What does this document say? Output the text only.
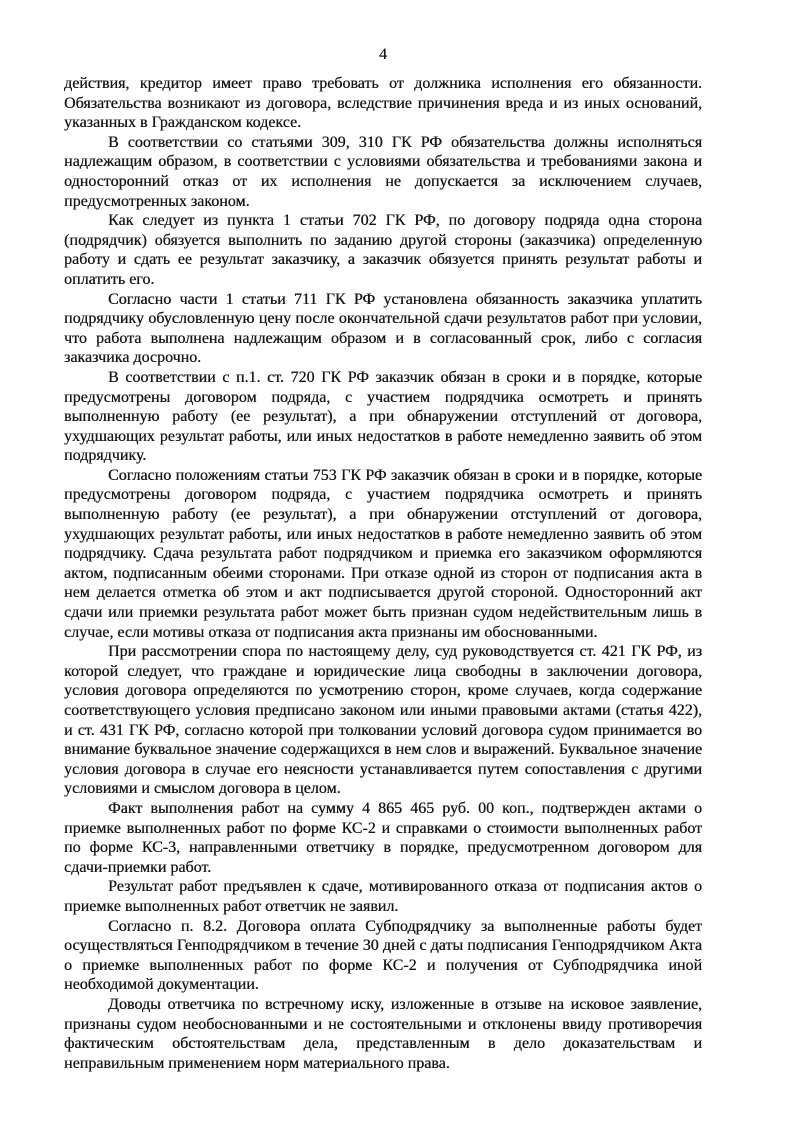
4

действия, кредитор имеет право требовать от должника исполнения его обязанности. Обязательства возникают из договора, вследствие причинения вреда и из иных оснований, указанных в Гражданском кодексе.

В соответствии со статьями 309, 310 ГК РФ обязательства должны исполняться надлежащим образом, в соответствии с условиями обязательства и требованиями закона и односторонний отказ от их исполнения не допускается за исключением случаев, предусмотренных законом.

Как следует из пункта 1 статьи 702 ГК РФ, по договору подряда одна сторона (подрядчик) обязуется выполнить по заданию другой стороны (заказчика) определенную работу и сдать ее результат заказчику, а заказчик обязуется принять результат работы и оплатить его.

Согласно части 1 статьи 711 ГК РФ установлена обязанность заказчика уплатить подрядчику обусловленную цену после окончательной сдачи результатов работ при условии, что работа выполнена надлежащим образом и в согласованный срок, либо с согласия заказчика досрочно.

В соответствии с п.1. ст. 720 ГК РФ заказчик обязан в сроки и в порядке, которые предусмотрены договором подряда, с участием подрядчика осмотреть и принять выполненную работу (ее результат), а при обнаружении отступлений от договора, ухудшающих результат работы, или иных недостатков в работе немедленно заявить об этом подрядчику.

Согласно положениям статьи 753 ГК РФ заказчик обязан в сроки и в порядке, которые предусмотрены договором подряда, с участием подрядчика осмотреть и принять выполненную работу (ее результат), а при обнаружении отступлений от договора, ухудшающих результат работы, или иных недостатков в работе немедленно заявить об этом подрядчику. Сдача результата работ подрядчиком и приемка его заказчиком оформляются актом, подписанным обеими сторонами. При отказе одной из сторон от подписания акта в нем делается отметка об этом и акт подписывается другой стороной. Односторонний акт сдачи или приемки результата работ может быть признан судом недействительным лишь в случае, если мотивы отказа от подписания акта признаны им обоснованными.

При рассмотрении спора по настоящему делу, суд руководствуется ст. 421 ГК РФ, из которой следует, что граждане и юридические лица свободны в заключении договора, условия договора определяются по усмотрению сторон, кроме случаев, когда содержание соответствующего условия предписано законом или иными правовыми актами (статья 422), и ст. 431 ГК РФ, согласно которой при толковании условий договора судом принимается во внимание буквальное значение содержащихся в нем слов и выражений. Буквальное значение условия договора в случае его неясности устанавливается путем сопоставления с другими условиями и смыслом договора в целом.

Факт выполнения работ на сумму 4 865 465 руб. 00 коп., подтвержден актами о приемке выполненных работ по форме КС-2 и справками о стоимости выполненных работ по форме КС-3, направленными ответчику в порядке, предусмотренном договором для сдачи-приемки работ.

Результат работ предъявлен к сдаче, мотивированного отказа от подписания актов о приемке выполненных работ ответчик не заявил.

Согласно п. 8.2. Договора оплата Субподрядчику за выполненные работы будет осуществляться Генподрядчиком в течение 30 дней с даты подписания Генподрядчиком Акта о приемке выполненных работ по форме КС-2 и получения от Субподрядчика иной необходимой документации.

Доводы ответчика по встречному иску, изложенные в отзыве на исковое заявление, признаны судом необоснованными и не состоятельными и отклонены ввиду противоречия фактическим обстоятельствам дела, представленным в дело доказательствам и неправильным применением норм материального права.
